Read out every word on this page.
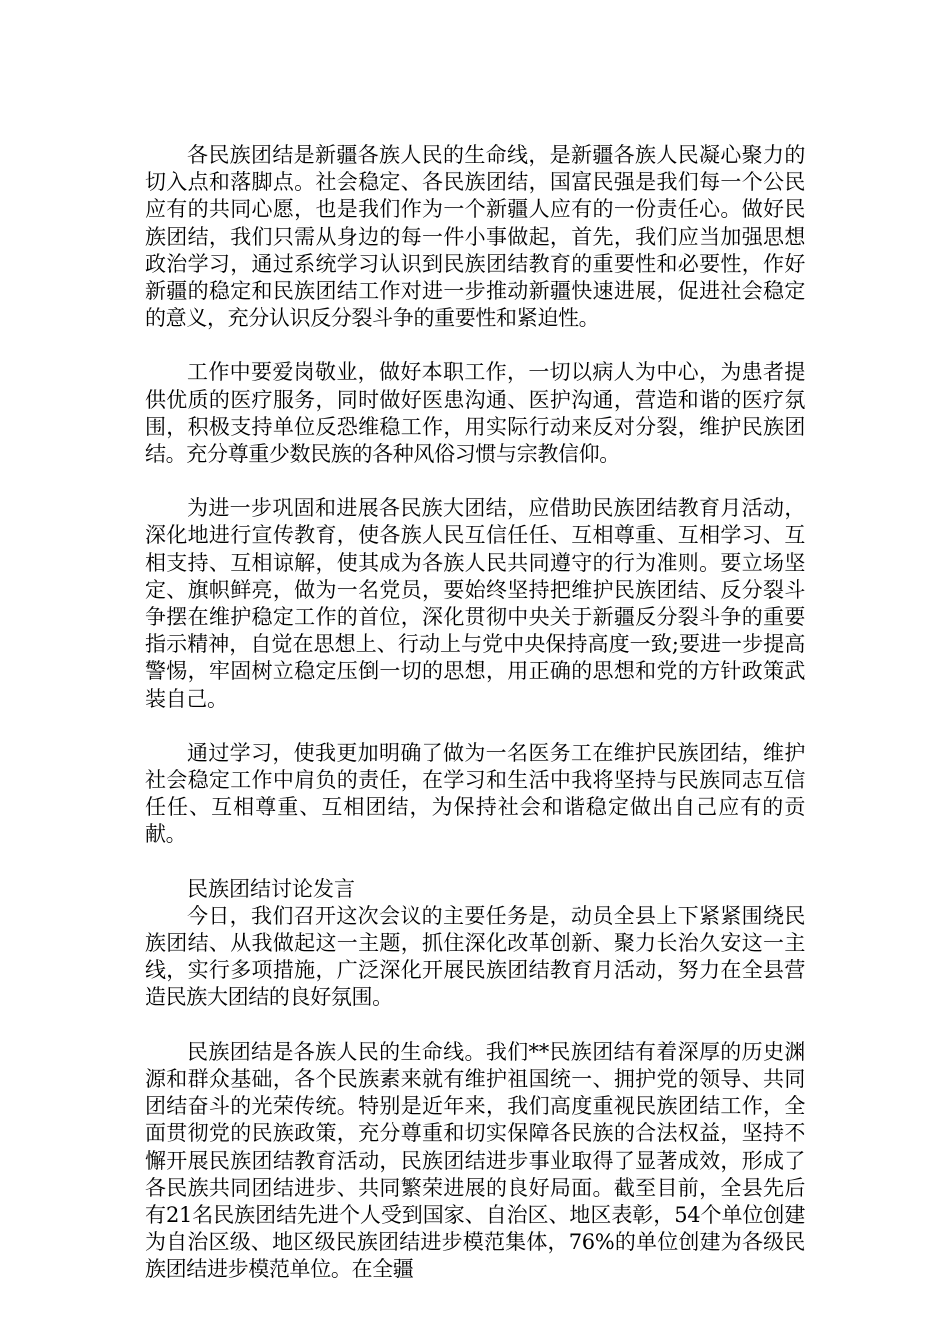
各民族团结是新疆各族人民的生命线，是新疆各族人民凝心聚力的切入点和落脚点。社会稳定、各民族团结，国富民强是我们每一个公民应有的共同心愿，也是我们作为一个新疆人应有的一份责任心。做好民族团结，我们只需从身边的每一件小事做起，首先，我们应当加强思想政治学习，通过系统学习认识到民族团结教育的重要性和必要性，作好新疆的稳定和民族团结工作对进一步推动新疆快速进展，促进社会稳定的意义，充分认识反分裂斗争的重要性和紧迫性。

工作中要爱岗敬业，做好本职工作，一切以病人为中心，为患者提供优质的医疗服务，同时做好医患沟通、医护沟通，营造和谐的医疗氛围，积极支持单位反恐维稳工作，用实际行动来反对分裂，维护民族团结。充分尊重少数民族的各种风俗习惯与宗教信仰。

为进一步巩固和进展各民族大团结，应借助民族团结教育月活动，深化地进行宣传教育，使各族人民互信任任、互相尊重、互相学习、互相支持、互相谅解，使其成为各族人民共同遵守的行为准则。要立场坚定、旗帜鲜亮，做为一名党员，要始终坚持把维护民族团结、反分裂斗争摆在维护稳定工作的首位，深化贯彻中央关于新疆反分裂斗争的重要指示精神，自觉在思想上、行动上与党中央保持高度一致;要进一步提高警惕，牢固树立稳定压倒一切的思想，用正确的思想和党的方针政策武装自己。

通过学习，使我更加明确了做为一名医务工在维护民族团结，维护社会稳定工作中肩负的责任，在学习和生活中我将坚持与民族同志互信任任、互相尊重、互相团结，为保持社会和谐稳定做出自己应有的贡献。

民族团结讨论发言

今日，我们召开这次会议的主要任务是，动员全县上下紧紧围绕民族团结、从我做起这一主题，抓住深化改革创新、聚力长治久安这一主线，实行多项措施，广泛深化开展民族团结教育月活动，努力在全县营造民族大团结的良好氛围。

民族团结是各族人民的生命线。我们**民族团结有着深厚的历史渊源和群众基础，各个民族素来就有维护祖国统一、拥护党的领导、共同团结奋斗的光荣传统。特别是近年来，我们高度重视民族团结工作，全面贯彻党的民族政策，充分尊重和切实保障各民族的合法权益，坚持不懈开展民族团结教育活动，民族团结进步事业取得了显著成效，形成了各民族共同团结进步、共同繁荣进展的良好局面。截至目前，全县先后有21名民族团结先进个人受到国家、自治区、地区表彰，54个单位创建为自治区级、地区级民族团结进步模范集体，76%的单位创建为各级民族团结进步模范单位。在全疆
